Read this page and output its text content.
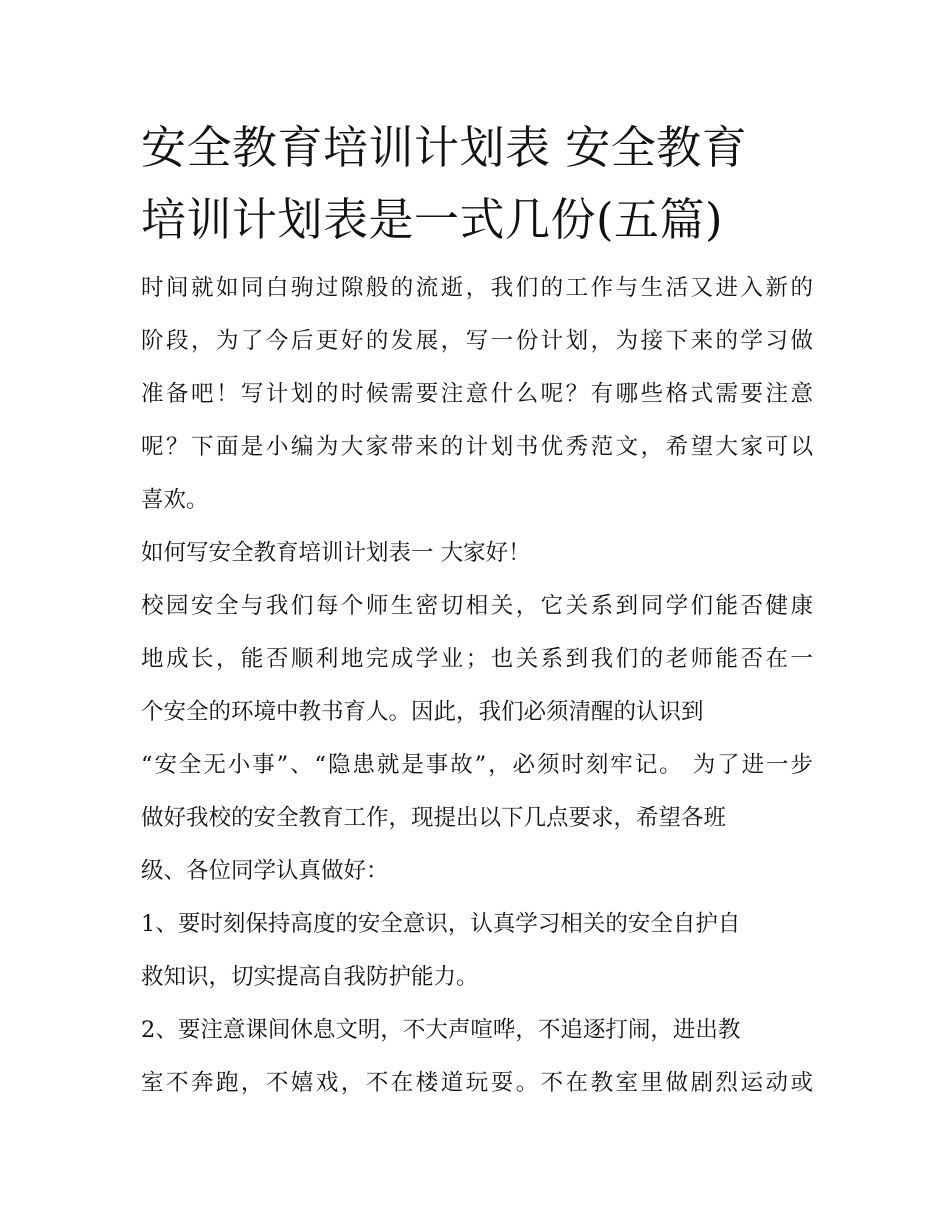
安全教育培训计划表 安全教育
培训计划表是一式几份(五篇)

时间就如同白驹过隙般的流逝，我们的工作与生活又进入新的

阶段，为了今后更好的发展，写一份计划，为接下来的学习做

准备吧！写计划的时候需要注意什么呢？有哪些格式需要注意

呢？下面是小编为大家带来的计划书优秀范文，希望大家可以

喜欢。

如何写安全教育培训计划表一 大家好！

校园安全与我们每个师生密切相关，它关系到同学们能否健康

地成长，能否顺利地完成学业；也关系到我们的老师能否在一

个安全的环境中教书育人。因此，我们必须清醒的认识到

“安全无小事”、“隐患就是事故”，必须时刻牢记。 为了进一步

做好我校的安全教育工作，现提出以下几点要求，希望各班

级、各位同学认真做好：

1、要时刻保持高度的安全意识，认真学习相关的安全自护自

救知识，切实提高自我防护能力。

2、要注意课间休息文明，不大声喧哗，不追逐打闹，进出教

室不奔跑，不嬉戏，不在楼道玩耍。不在教室里做剧烈运动或
